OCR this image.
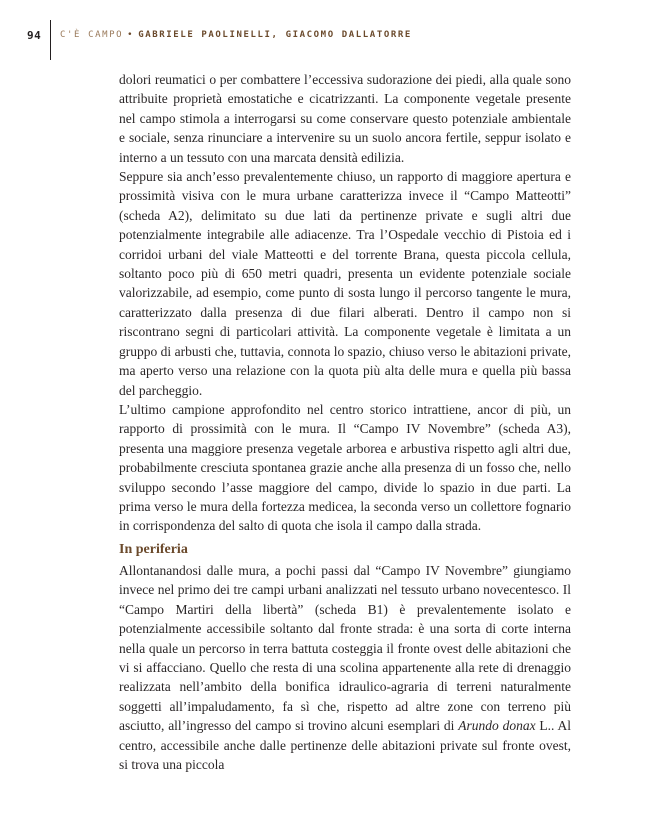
94 C'È CAMPO • GABRIELE PAOLINELLI, GIACOMO DALLATORRE

dolori reumatici o per combattere l’eccessiva sudorazione dei piedi, alla quale sono attribuite proprietà emostatiche e cicatrizzanti. La componente vegetale presente nel campo stimola a interrogarsi su come conservare questo potenziale ambientale e sociale, senza rinunciare a intervenire su un suolo ancora fertile, seppur isolato e interno a un tessuto con una marcata densità edilizia.

Seppure sia anch’esso prevalentemente chiuso, un rapporto di maggiore apertura e prossimità visiva con le mura urbane caratterizza invece il “Campo Matteotti” (scheda A2), delimitato su due lati da pertinenze private e sugli altri due potenzialmente integrabile alle adiacenze. Tra l’Ospedale vecchio di Pistoia ed i corridoi urbani del viale Matteotti e del torrente Brana, questa piccola cellula, soltanto poco più di 650 metri quadri, presenta un evidente potenziale sociale valorizzabile, ad esempio, come punto di sosta lungo il percorso tangente le mura, caratterizzato dalla presenza di due filari alberati. Dentro il campo non si riscontrano segni di particolari attività. La componente vegetale è limitata a un gruppo di arbusti che, tuttavia, connota lo spazio, chiuso verso le abitazioni private, ma aperto verso una relazione con la quota più alta delle mura e quella più bassa del parcheggio.

L’ultimo campione approfondito nel centro storico intrattiene, ancor di più, un rapporto di prossimità con le mura. Il “Campo IV Novembre” (scheda A3), presenta una maggiore presenza vegetale arborea e arbustiva rispetto agli altri due, probabilmente cresciuta spontanea grazie anche alla presenza di un fosso che, nello sviluppo secondo l’asse maggiore del campo, divide lo spazio in due parti. La prima verso le mura della fortezza medicea, la seconda verso un collettore fognario in corrispondenza del salto di quota che isola il campo dalla strada.

In periferia

Allontanandosi dalle mura, a pochi passi dal “Campo IV Novembre” giungiamo invece nel primo dei tre campi urbani analizzati nel tessuto urbano novecentesco. Il “Campo Martiri della libertà” (scheda B1) è prevalentemente isolato e potenzialmente accessibile soltanto dal fronte strada: è una sorta di corte interna nella quale un percorso in terra battuta costeggia il fronte ovest delle abitazioni che vi si affacciano. Quello che resta di una scolina appartenente alla rete di drenaggio realizzata nell’ambito della bonifica idraulico-agraria di terreni naturalmente soggetti all’impaludamento, fa sì che, rispetto ad altre zone con terreno più asciutto, all’ingresso del campo si trovino alcuni esemplari di Arundo donax L.. Al centro, accessibile anche dalle pertinenze delle abitazioni private sul fronte ovest, si trova una piccola
